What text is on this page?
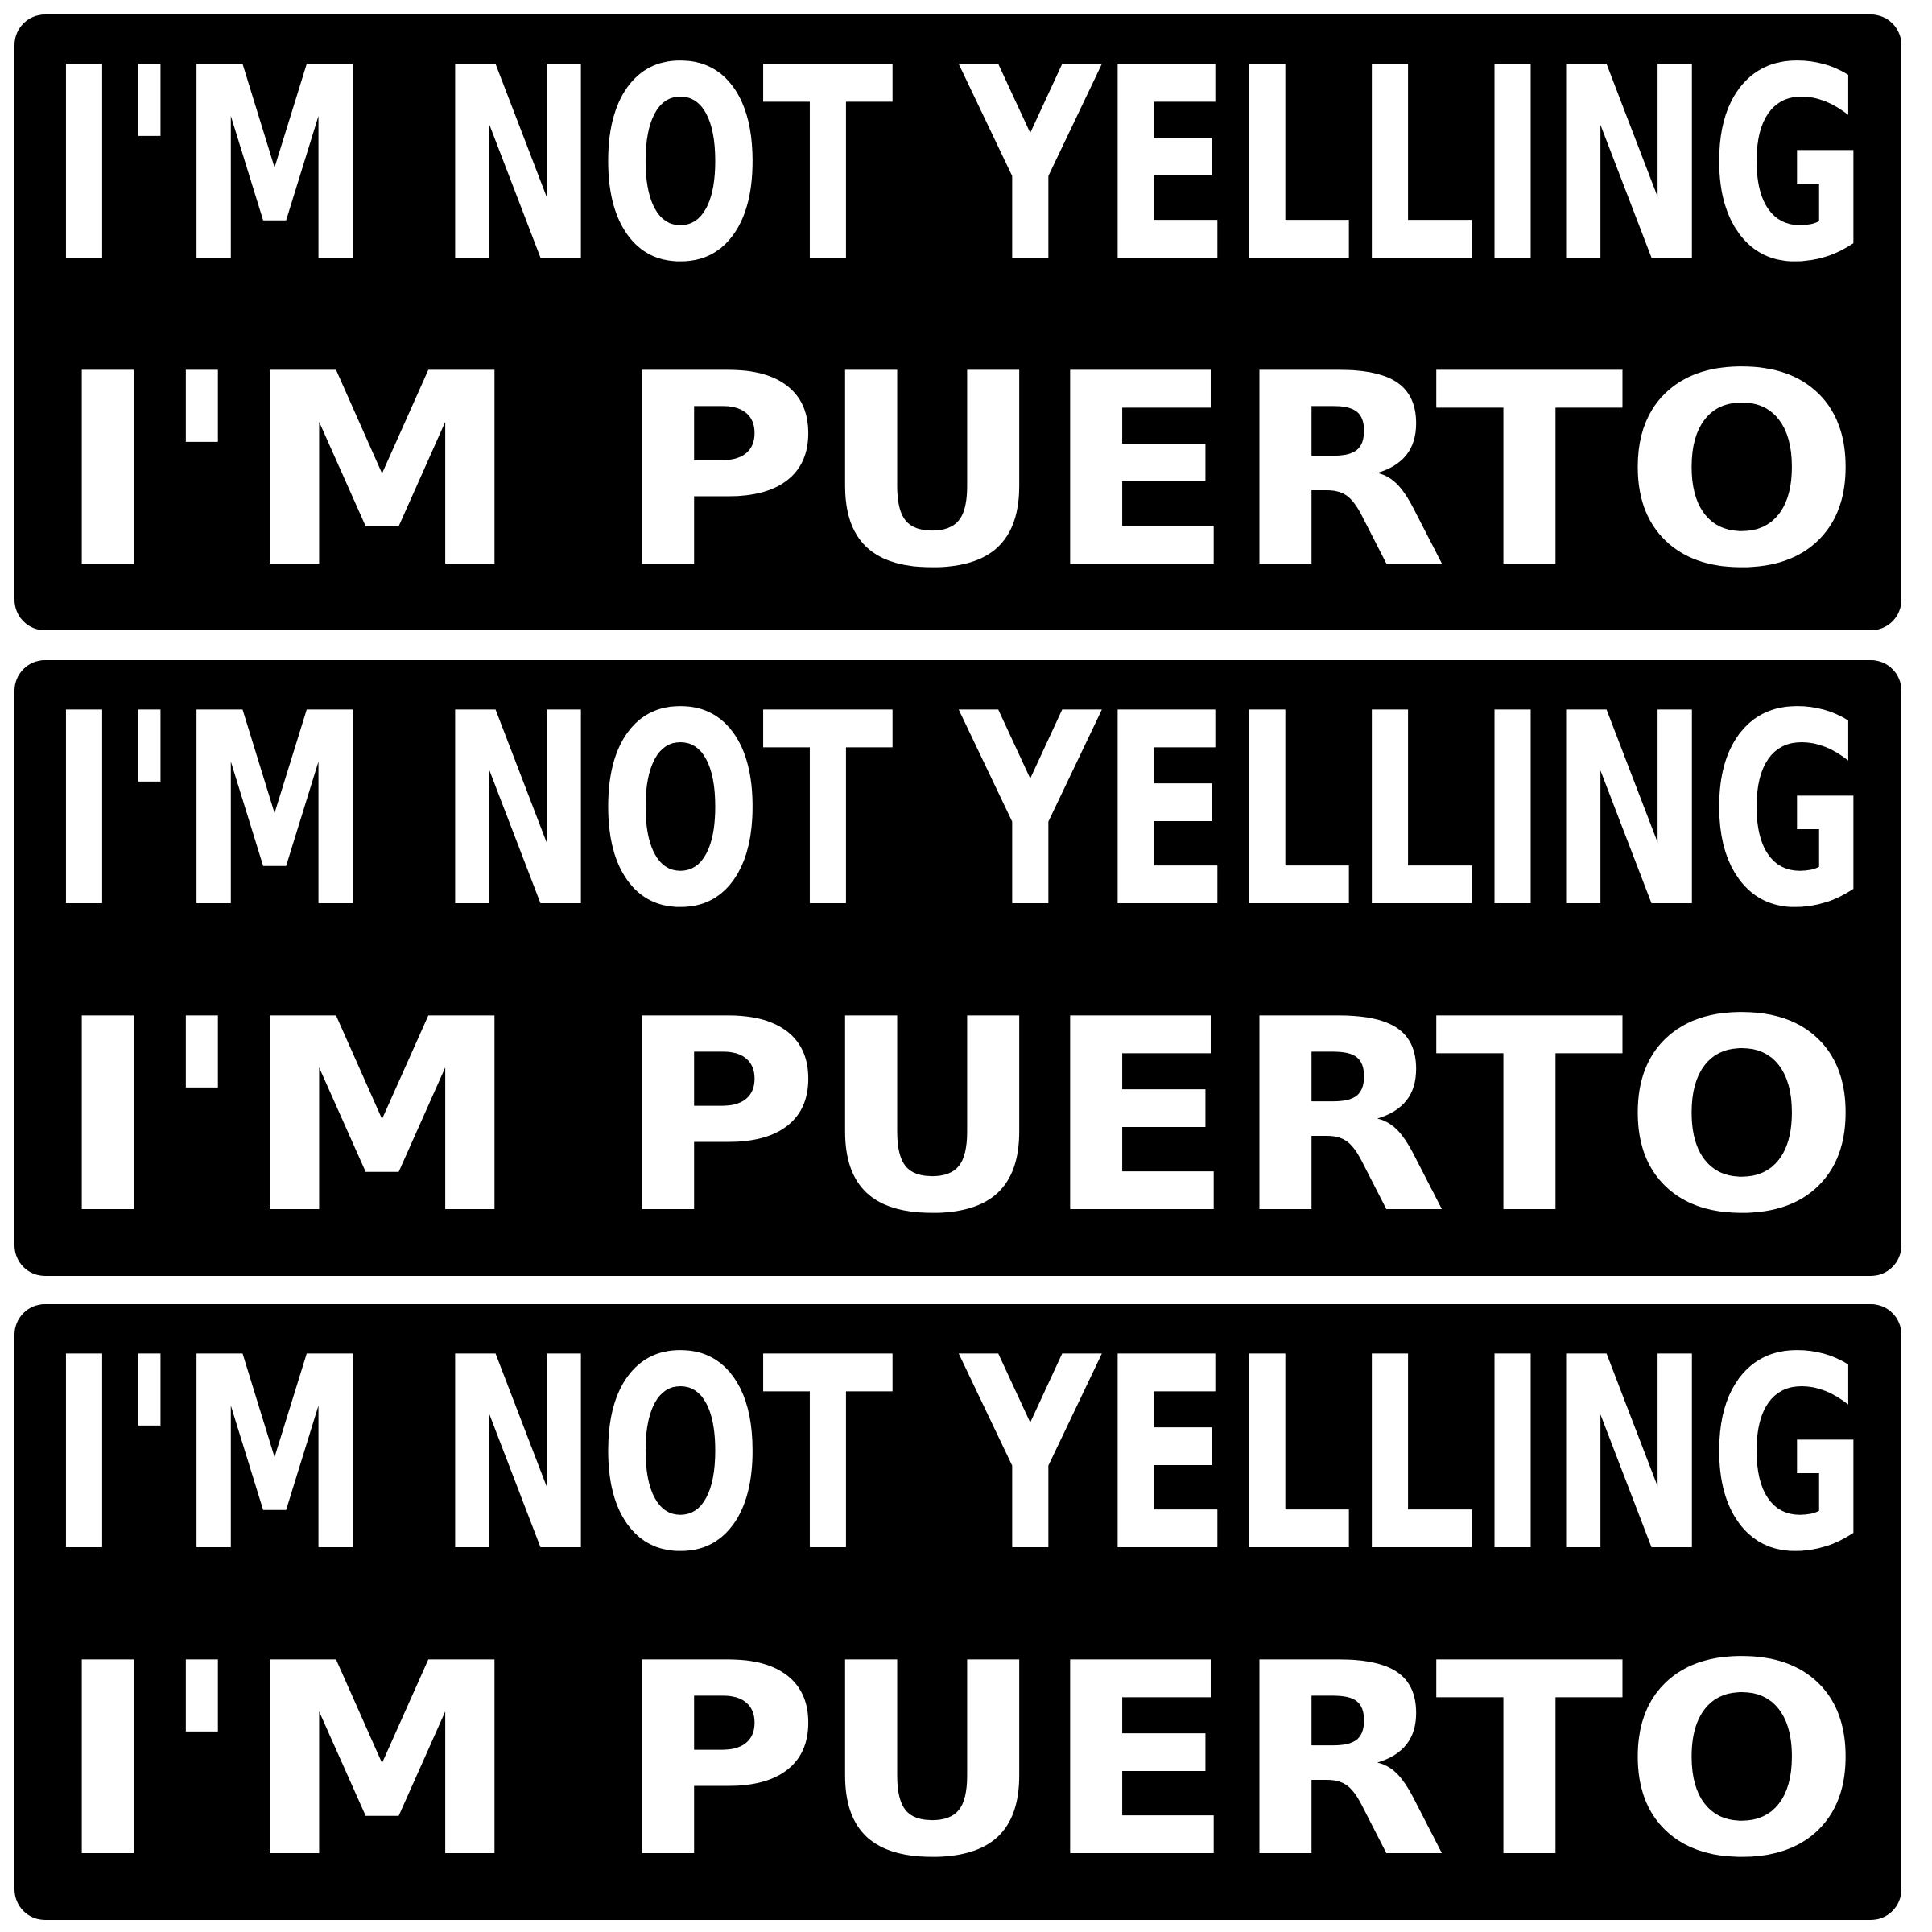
I'M NOT YELLING
I'M PUERTO
I'M NOT YELLING
I'M PUERTO
I'M NOT YELLING
I'M PUERTO
